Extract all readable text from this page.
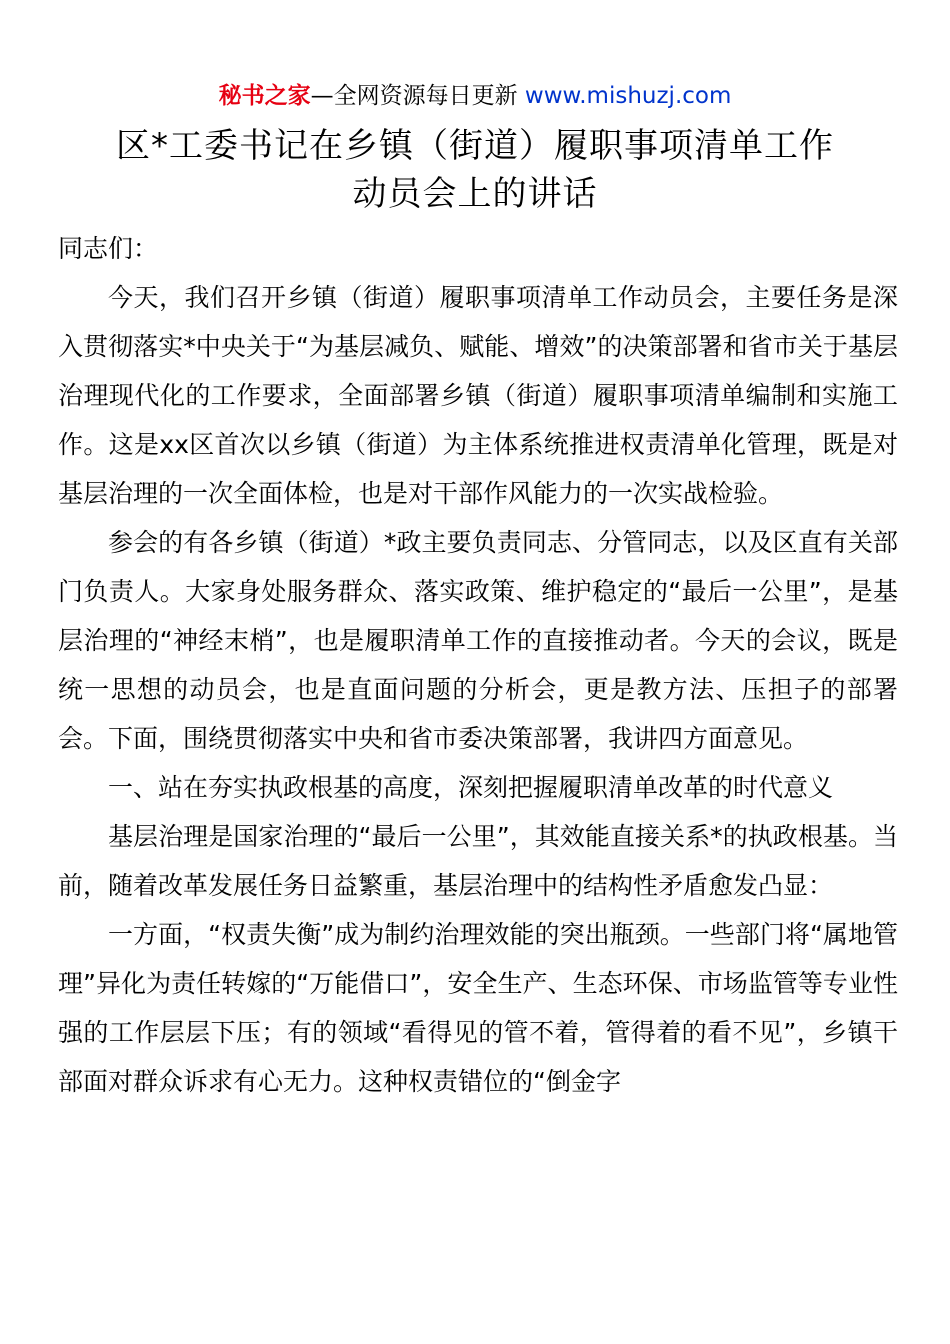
秘书之家—全网资源每日更新 www.mishuzj.com
区*工委书记在乡镇（街道）履职事项清单工作
动员会上的讲话

同志们：

今天，我们召开乡镇（街道）履职事项清单工作动员会，主要任务是深入贯彻落实*中央关于“为基层减负、赋能、增效”的决策部署和省市关于基层治理现代化的工作要求，全面部署乡镇（街道）履职事项清单编制和实施工作。这是xx区首次以乡镇（街道）为主体系统推进权责清单化管理，既是对基层治理的一次全面体检，也是对干部作风能力的一次实战检验。

参会的有各乡镇（街道）*政主要负责同志、分管同志，以及区直有关部门负责人。大家身处服务群众、落实政策、维护稳定的“最后一公里”，是基层治理的“神经末梢”，也是履职清单工作的直接推动者。今天的会议，既是统一思想的动员会，也是直面问题的分析会，更是教方法、压担子的部署会。下面，围绕贯彻落实中央和省市委决策部署，我讲四方面意见。

一、站在夯实执政根基的高度，深刻把握履职清单改革的时代意义

基层治理是国家治理的“最后一公里”，其效能直接关系*的执政根基。当前，随着改革发展任务日益繁重，基层治理中的结构性矛盾愈发凸显：

一方面，“权责失衡”成为制约治理效能的突出瓶颈。一些部门将“属地管理”异化为责任转嫁的“万能借口”，安全生产、生态环保、市场监管等专业性强的工作层层下压；有的领域“看得见的管不着，管得着的看不见”，乡镇干部面对群众诉求有心无力。这种权责错位的“倒金字
